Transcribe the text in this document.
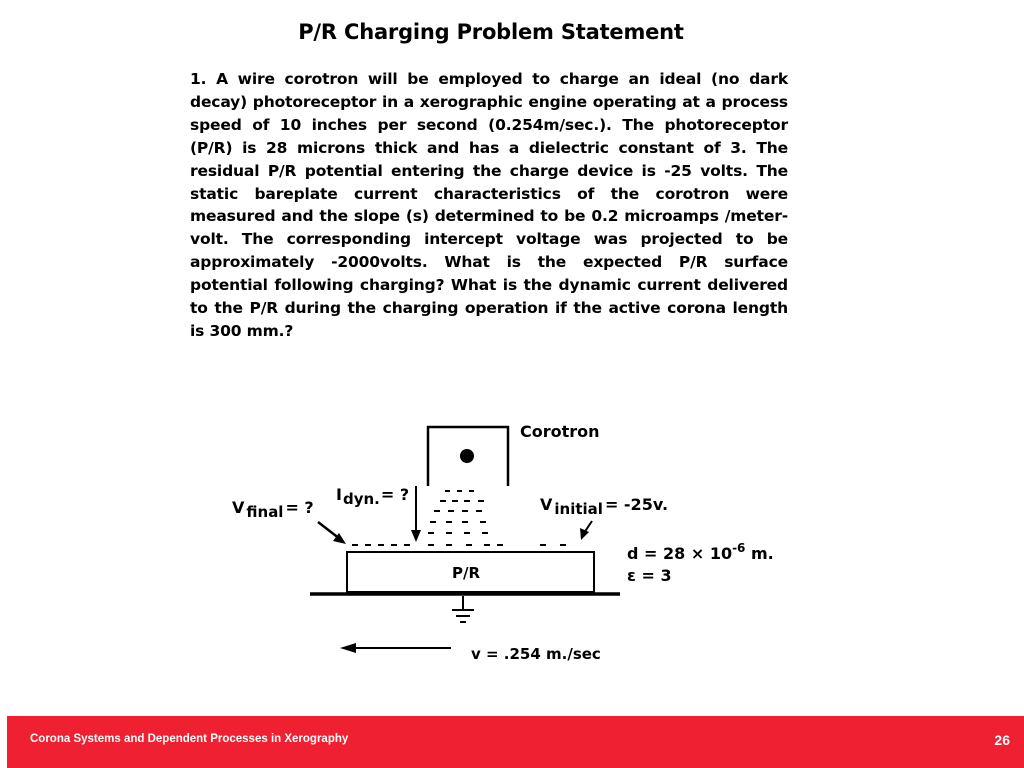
P/R Charging Problem Statement

1. A wire corotron will be employed to charge an ideal (no dark decay) photoreceptor in a xerographic engine operating at a process speed of 10 inches per second (0.254m/sec.). The photoreceptor (P/R) is 28 microns thick and has a dielectric constant of 3. The residual P/R potential entering the charge device is -25 volts. The static bareplate current characteristics of the corotron were measured and the slope (s) determined to be 0.2 microamps /meter-volt. The corresponding intercept voltage was projected to be approximately -2000volts. What is the expected P/R surface potential following charging? What is the dynamic current delivered to the P/R during the charging operation if the active corona length is 300 mm.?

Corotron
P/R
V final = ?
Idyn.= ?
V initial = -25v.
$d = 28 \times 10^{-6}$ m.
ε = 3
v = .254 m./sec
Corona Systems and Dependent Processes in Xerography	26
